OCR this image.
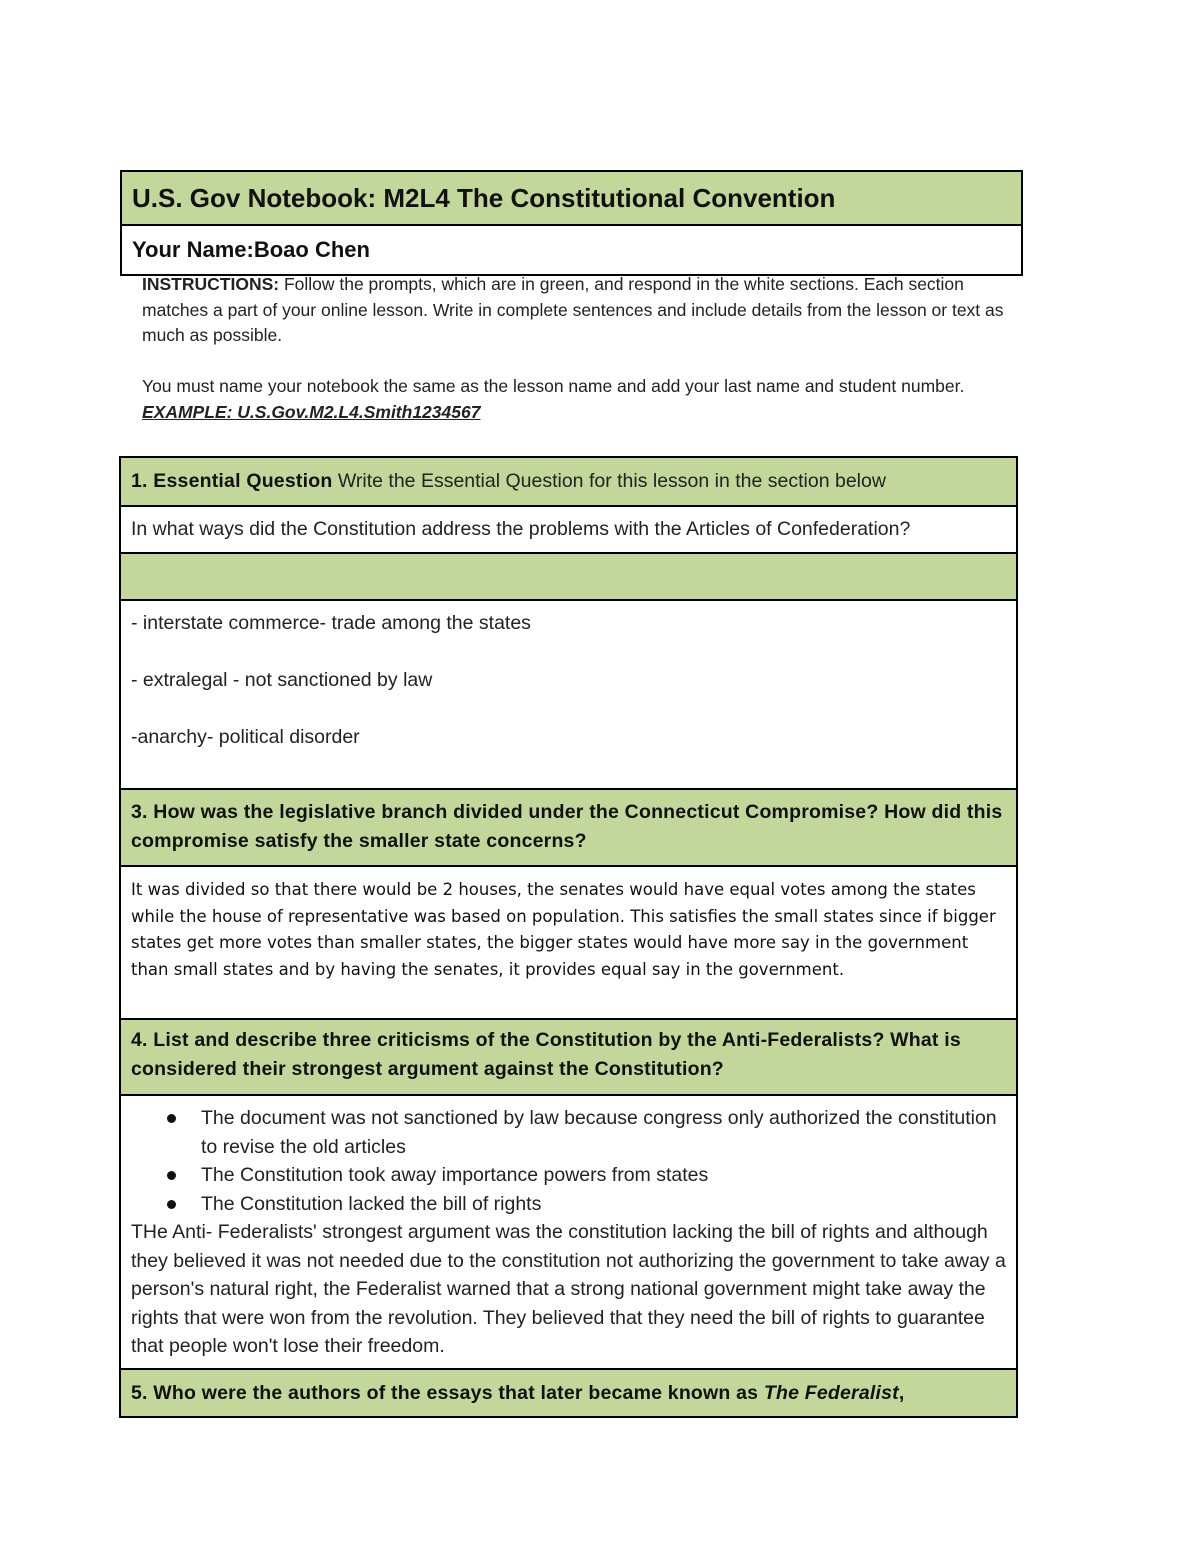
U.S. Gov Notebook: M2L4 The Constitutional Convention
Your Name:Boao Chen

INSTRUCTIONS: Follow the prompts, which are in green, and respond in the white sections. Each section matches a part of your online lesson. Write in complete sentences and include details from the lesson or text as much as possible.

You must name your notebook the same as the lesson name and add your last name and student number. EXAMPLE: U.S.Gov.M2.L4.Smith1234567

1. Essential Question Write the Essential Question for this lesson in the section below
In what ways did the Constitution address the problems with the Articles of Confederation?

- interstate commerce- trade among the states

- extralegal - not sanctioned by law

-anarchy- political disorder

3. How was the legislative branch divided under the Connecticut Compromise? How did this compromise satisfy the smaller state concerns?
It was divided so that there would be 2 houses, the senates would have equal votes among the states while the house of representative was based on population. This satisfies the small states since if bigger states get more votes than smaller states, the bigger states would have more say in the government than small states and by having the senates, it provides equal say in the government.
4. List and describe three criticisms of the Constitution by the Anti-Federalists? What is considered their strongest argument against the Constitution?
The document was not sanctioned by law because congress only authorized the constitution to revise the old articles
The Constitution took away importance powers from states
The Constitution lacked the bill of rights
THe Anti- Federalists' strongest argument was the constitution lacking the bill of rights and although they believed it was not needed due to the constitution not authorizing the government to take away a person's natural right, the Federalist warned that a strong national government might take away the rights that were won from the revolution. They believed that they need the bill of rights to guarantee that people won't lose their freedom.
5. Who were the authors of the essays that later became known as The Federalist,
